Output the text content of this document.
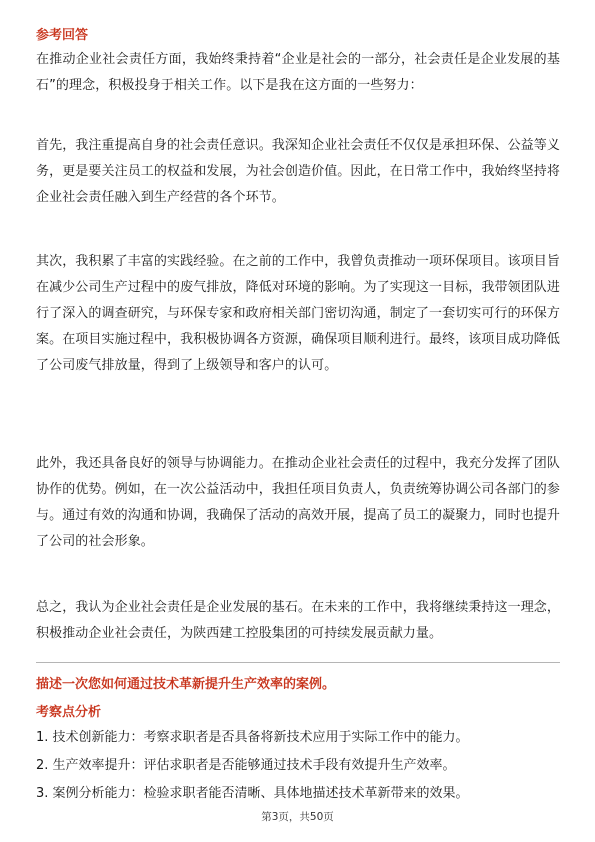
参考回答

在推动企业社会责任方面，我始终秉持着“企业是社会的一部分，社会责任是企业发展的基石”的理念，积极投身于相关工作。以下是我在这方面的一些努力：

首先，我注重提高自身的社会责任意识。我深知企业社会责任不仅仅是承担环保、公益等义务，更是要关注员工的权益和发展，为社会创造价值。因此，在日常工作中，我始终坚持将企业社会责任融入到生产经营的各个环节。

其次，我积累了丰富的实践经验。在之前的工作中，我曾负责推动一项环保项目。该项目旨在减少公司生产过程中的废气排放，降低对环境的影响。为了实现这一目标，我带领团队进行了深入的调查研究，与环保专家和政府相关部门密切沟通，制定了一套切实可行的环保方案。在项目实施过程中，我积极协调各方资源，确保项目顺利进行。最终，该项目成功降低了公司废气排放量，得到了上级领导和客户的认可。

此外，我还具备良好的领导与协调能力。在推动企业社会责任的过程中，我充分发挥了团队协作的优势。例如，在一次公益活动中，我担任项目负责人，负责统筹协调公司各部门的参与。通过有效的沟通和协调，我确保了活动的高效开展，提高了员工的凝聚力，同时也提升了公司的社会形象。

总之，我认为企业社会责任是企业发展的基石。在未来的工作中，我将继续秉持这一理念，积极推动企业社会责任，为陕西建工控股集团的可持续发展贡献力量。

描述一次您如何通过技术革新提升生产效率的案例。

考察点分析

1. 技术创新能力：考察求职者是否具备将新技术应用于实际工作中的能力。

2. 生产效率提升：评估求职者是否能够通过技术手段有效提升生产效率。

3. 案例分析能力：检验求职者能否清晰、具体地描述技术革新带来的效果。

第3页，共50页
